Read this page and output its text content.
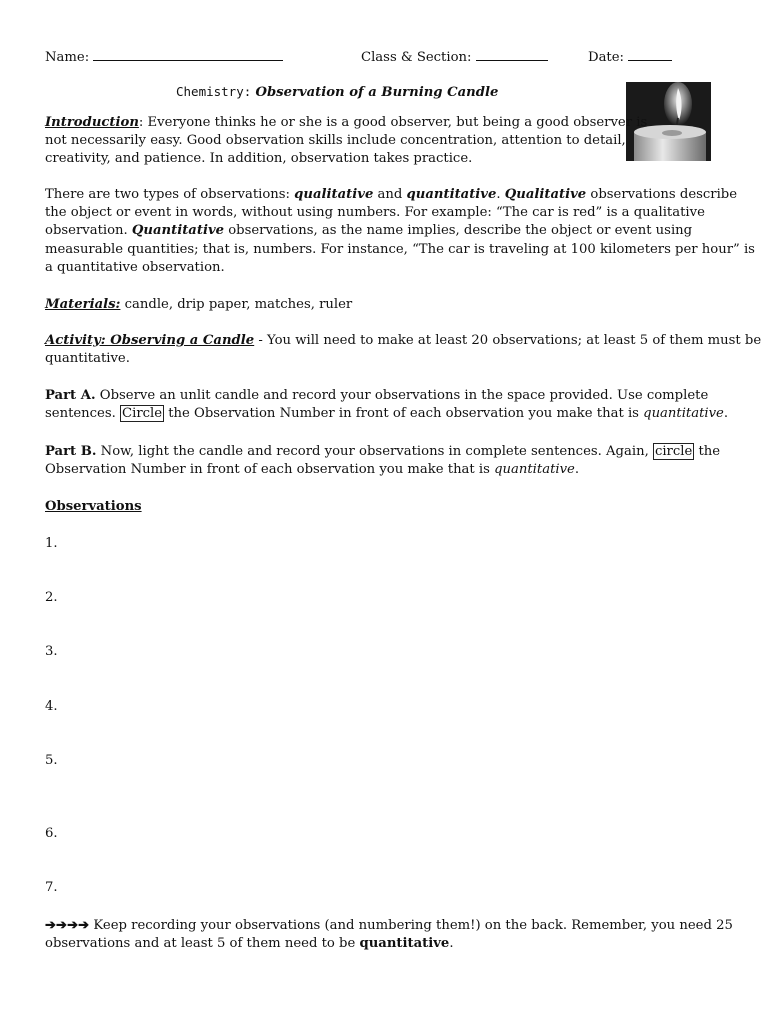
Name:	Class & Section:	Date:
Chemistry: Observation of a Burning Candle
Introduction: Everyone thinks he or she is a good observer, but being a good observer is
not necessarily easy. Good observation skills include concentration, attention to detail,
creativity, and patience. In addition, observation takes practice.
There are two types of observations: qualitative and quantitative. Qualitative observations describe
the object or event in words, without using numbers. For example: “The car is red” is a qualitative
observation. Quantitative observations, as the name implies, describe the object or event using
measurable quantities; that is, numbers. For instance, “The car is traveling at 100 kilometers per hour” is
a quantitative observation.
Materials: candle, drip paper, matches, ruler
Activity: Observing a Candle - You will need to make at least 20 observations; at least 5 of them must be
quantitative.
Part A. Observe an unlit candle and record your observations in the space provided. Use complete
sentences. Circle the Observation Number in front of each observation you make that is quantitative.
Part B. Now, light the candle and record your observations in complete sentences. Again, circle the
Observation Number in front of each observation you make that is quantitative.
Observations
1.
2.
3.
4.
5.
6.
7.
➔➔➔➔ Keep recording your observations (and numbering them!) on the back. Remember, you need 25
observations and at least 5 of them need to be quantitative.
